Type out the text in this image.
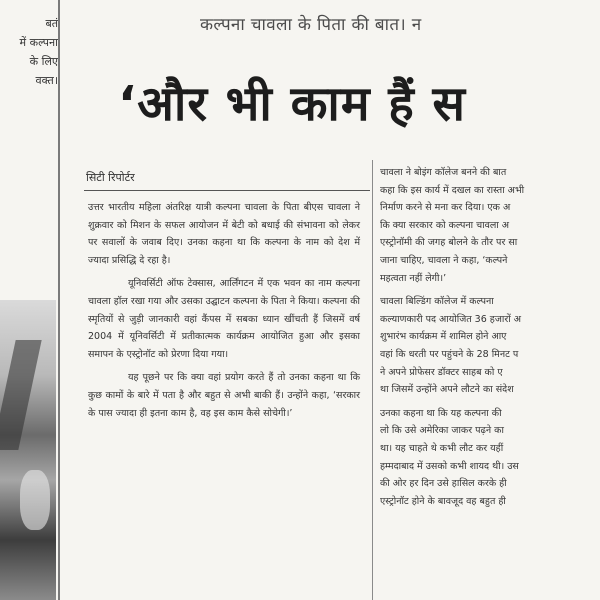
बतं
में कल्पना
के लिए
वक्त।
कल्पना चावला के पिता की बात। न
‘और भी काम हैं स
सिटी रिपोर्टर

उत्तर भारतीय महिला अंतरिक्ष यात्री कल्पना चावला के पिता बीएस चावला ने शुक्रवार को मिशन के सफल आयोजन में बेटी को बधाई की संभावना को लेकर पर सवालों के जवाब दिए। उनका कहना था कि कल्पना के नाम को देश में ज्यादा प्रसिद्धि दे रहा है।

यूनिवर्सिटी ऑफ टेक्सास, आर्लिंगटन में एक भवन का नाम कल्पना चावला हॉल रखा गया और उसका उद्घाटन कल्पना के पिता ने किया। कल्पना की स्मृतियों से जुड़ी जानकारी वहां कैंपस में सबका ध्यान खींचती हैं जिसमें वर्ष 2004 में यूनिवर्सिटी में प्रतीकात्मक कार्यक्रम आयोजित हुआ और इसका समापन के एस्ट्रोनॉट को प्रेरणा दिया गया।

यह पूछने पर कि क्या वहां प्रयोग करते हैं तो उनका कहना था कि कुछ कामों के बारे में पता है और बहुत से अभी बाकी हैं। उन्होंने कहा, ‘सरकार के पास ज्यादा ही इतना काम है, वह इस काम कैसे सोचेगी।’

चावला ने बोइंग कॉलेज बनने की बात
कहा कि इस कार्य में दखल का रास्ता अभी
निर्माण करने से मना कर दिया। एक अ
कि क्या सरकार को कल्पना चावला अ
एस्ट्रोनॉमी की जगह बोलने के तौर पर सा
जाना चाहिए, चावला ने कहा, ‘कल्पने
महत्वता नहीं लेगी।’

चावला बिल्डिंग कॉलेज में कल्पना
कल्याणकारी पद आयोजित 36 हजारों अ
शुभारंभ कार्यक्रम में शामिल होने आए
वहां कि धरती पर पहुंचने के 28 मिनट प
ने अपने प्रोफेसर डॉक्टर साहब को ए
था जिसमें उन्होंने अपने लौटने का संदेश

उनका कहना था कि यह कल्पना की
लो कि उसे अमेरिका जाकर पढ़ने का
था। यह चाहते थे कभी लौट कर यहीं
हम्मदाबाद में उसको कभी शायद थी। उस
की ओर हर दिन उसे हासिल करके ही
एस्ट्रोनॉट होने के बावजूद वह बहुत ही
